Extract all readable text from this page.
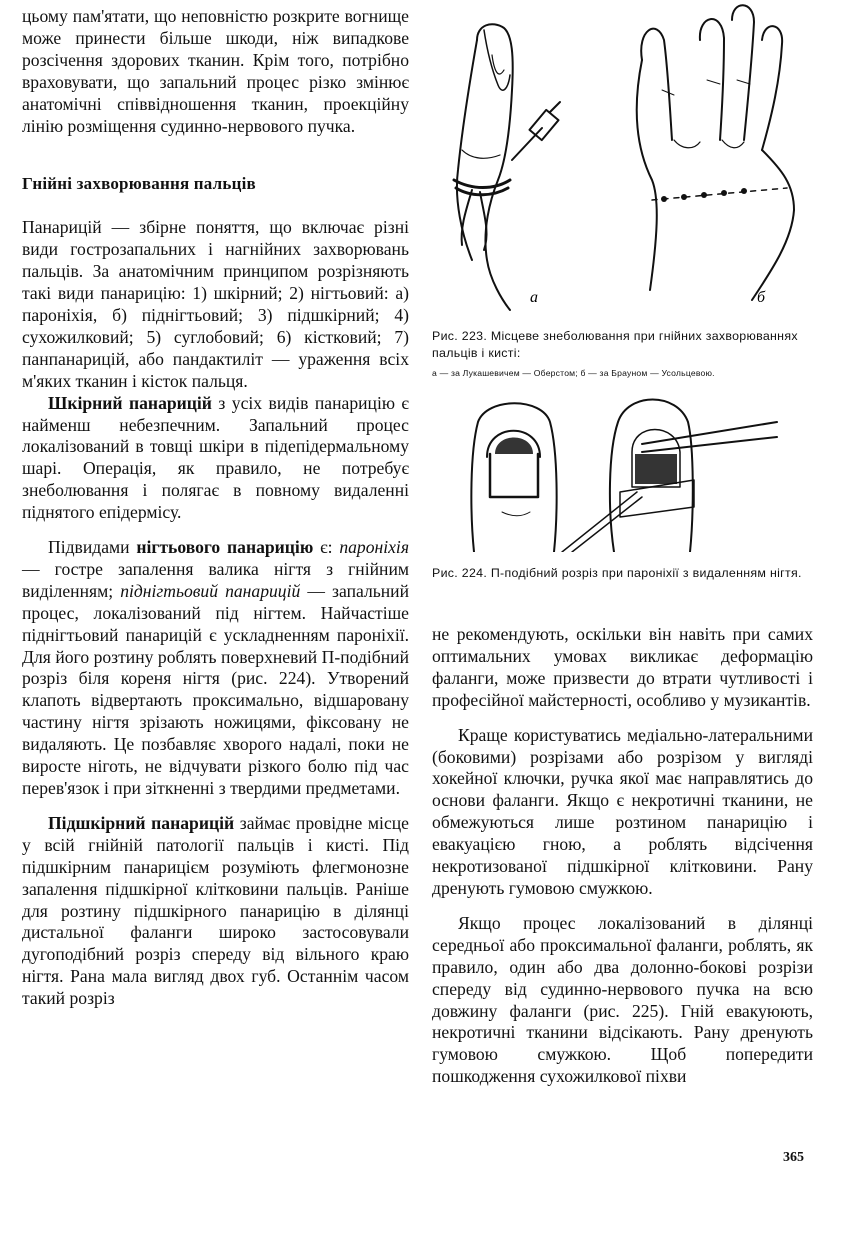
цьому пам'ятати, що неповністю розкрите вогнище може принести більше шкоди, ніж випадкове розсічення здорових тканин. Крім того, потрібно враховувати, що запальний процес різко змінює анатомічні співвідношення тканин, проекційну лінію розміщення судинно-нервового пучка.

Гнійні захворювання пальців

Панарицій — збірне поняття, що включає різні види гострозапальних і нагнійних захворювань пальців. За анатомічним принципом розрізняють такі види панарицію: 1) шкірний; 2) нігтьовий: а) пароніхія, б) піднігтьовий; 3) підшкірний; 4) сухожилковий; 5) суглобовий; 6) кістковий; 7) панпанарицій, або пандактиліт — ураження всіх м'яких тканин і кісток пальця.

Шкірний панарицій з усіх видів панарицію є найменш небезпечним. Запальний процес локалізований в товщі шкіри в підепідермальному шарі. Операція, як правило, не потребує знеболювання і полягає в повному видаленні піднятого епідермісу.

Підвидами нігтьового панарицію є: пароніхія — гостре запалення валика нігтя з гнійним виділенням; піднігтьовий панарицій — запальний процес, локалізований під нігтем. Найчастіше піднігтьовий панарицій є ускладненням пароніхії. Для його розтину роблять поверхневий П-подібний розріз біля кореня нігтя (рис. 224). Утворений клапоть відвертають проксимально, відшаровану частину нігтя зрізають ножицями, фіксовану не видаляють. Це позбавляє хворого надалі, поки не виросте ніготь, не відчувати різкого болю під час перев'язок і при зіткненні з твердими предметами.

Підшкірний панарицій займає провідне місце у всій гнійній патології пальців і кисті. Під підшкірним панарицієм розуміють флегмонозне запалення підшкірної клітковини пальців. Раніше для розтину підшкірного панарицію в ділянці дистальної фаланги широко застосовували дугоподібний розріз спереду від вільного краю нігтя. Рана мала вигляд двох губ. Останнім часом такий розріз

а	б
Рис. 223. Місцеве знеболювання при гнійних захворюваннях пальців і кисті:
а — за Лукашевичем — Оберстом; б — за Брауном — Усольцевою.
Рис. 224. П-подібний розріз при пароніхії з видаленням нігтя.

не рекомендують, оскільки він навіть при самих оптимальних умовах викликає деформацію фаланги, може призвести до втрати чутливості і професійної майстерності, особливо у музикантів.

Краще користуватись медіально-латеральними (боковими) розрізами або розрізом у вигляді хокейної ключки, ручка якої має направлятись до основи фаланги. Якщо є некротичні тканини, не обмежуються лише розтином панарицію і евакуацією гною, а роблять відсічення некротизованої підшкірної клітковини. Рану дренують гумовою смужкою.

Якщо процес локалізований в ділянці середньої або проксимальної фаланги, роблять, як правило, один або два долонно-бокові розрізи спереду від судинно-нервового пучка на всю довжину фаланги (рис. 225). Гній евакуюють, некротичні тканини відсікають. Рану дренують гумовою смужкою. Щоб попередити пошкодження сухожилкової піхви

365
